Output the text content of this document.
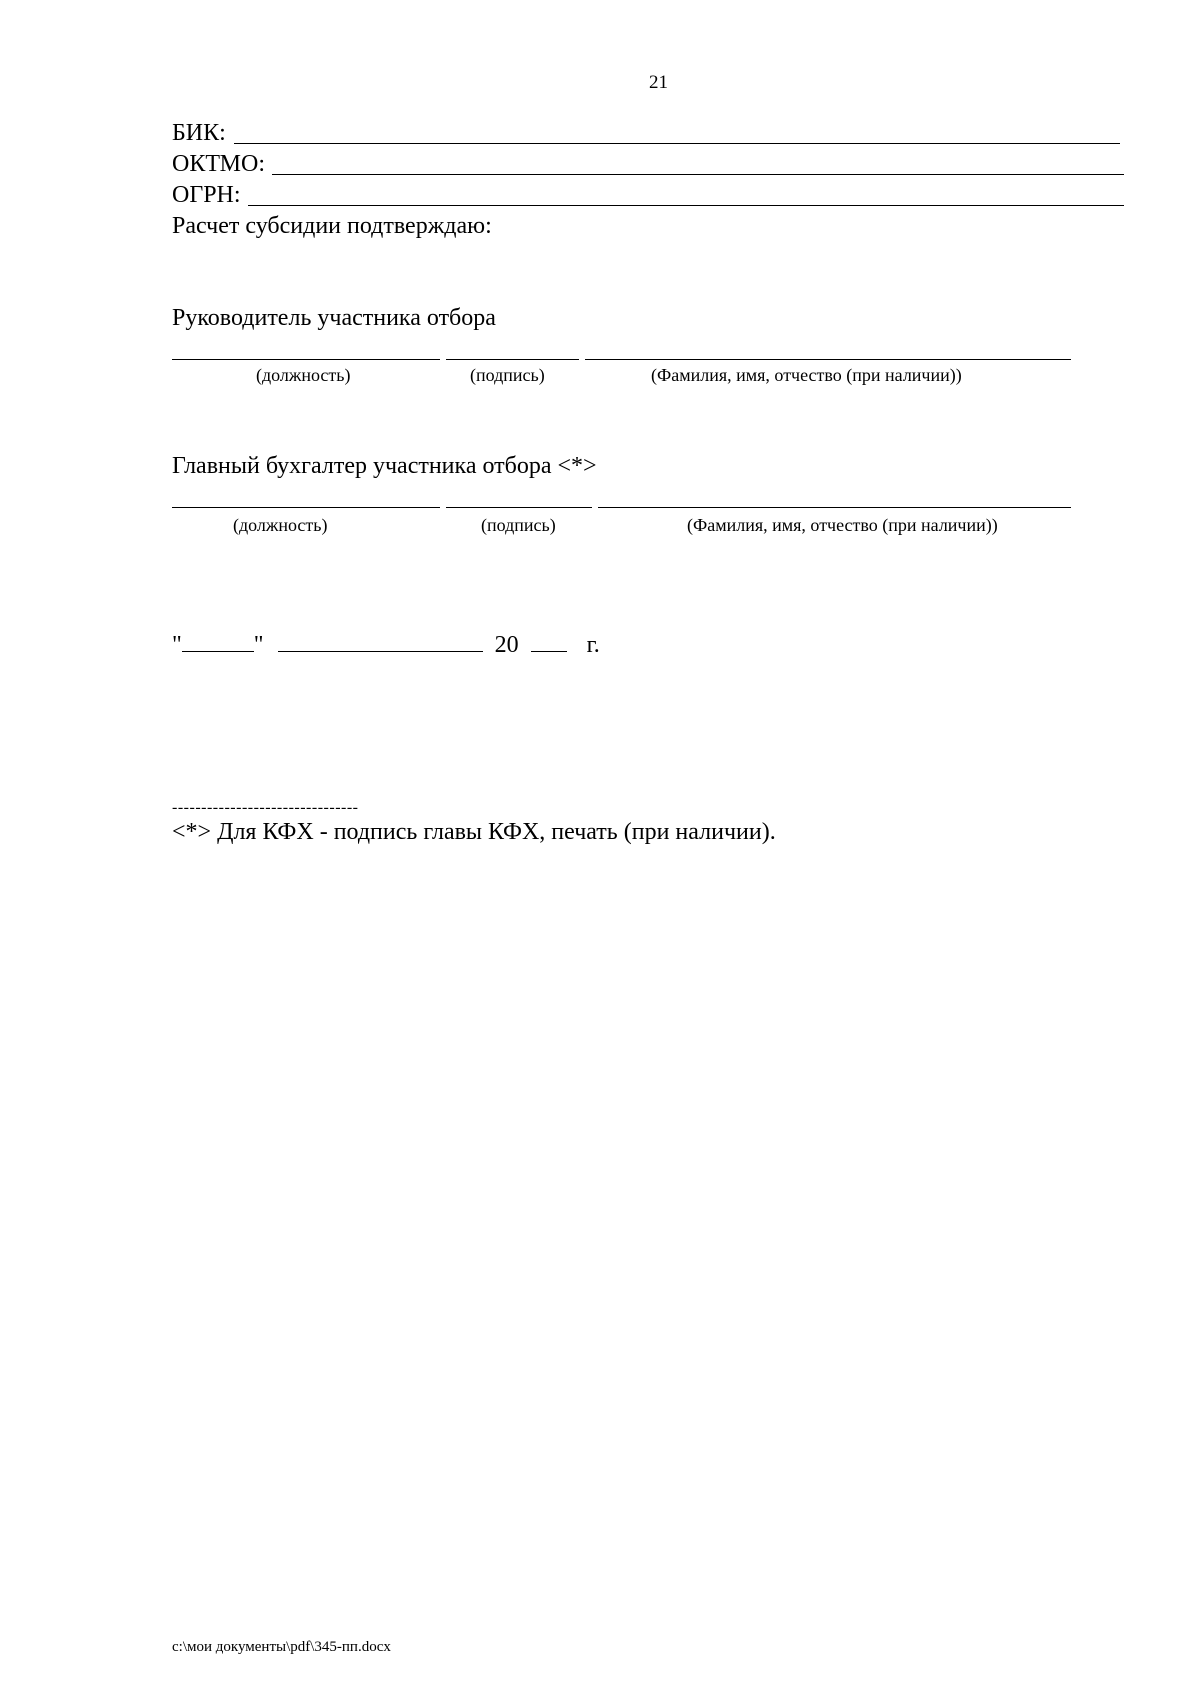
21
БИК:
ОКТМО:
ОГРН:
Расчет субсидии подтверждаю:
Руководитель участника отбора
(должность)	(подпись)	(Фамилия, имя, отчество (при наличии))
Главный бухгалтер участника отбора <*>
(должность)	(подпись)	(Фамилия, имя, отчество (при наличии))
"	"	20	г.
--------------------------------
<*> Для КФХ - подпись главы КФХ, печать (при наличии).
c:\мои документы\pdf\345-пп.docx
